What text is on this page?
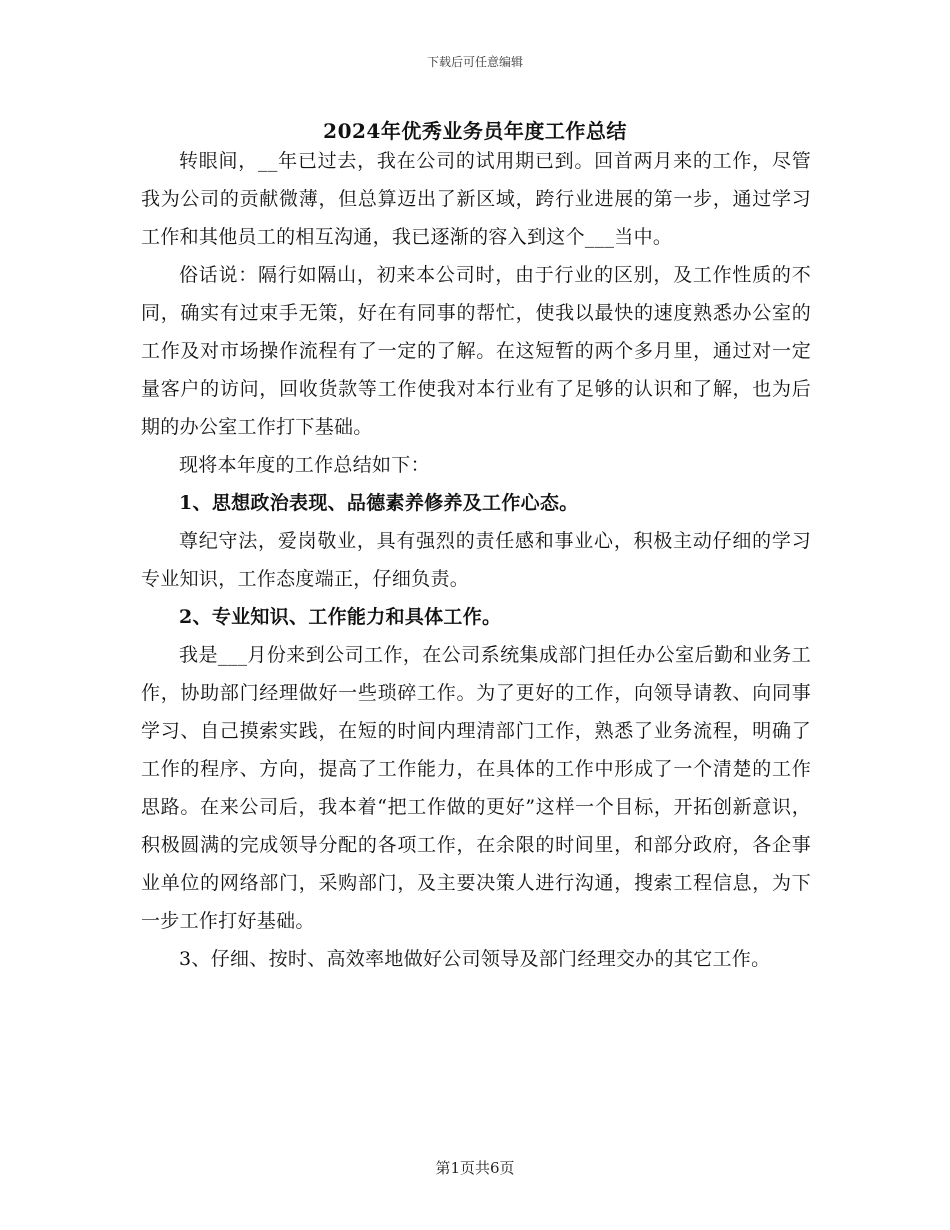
下载后可任意编辑
2024年优秀业务员年度工作总结

转眼间，__年已过去，我在公司的试用期已到。回首两月来的工作，尽管我为公司的贡献微薄，但总算迈出了新区域，跨行业进展的第一步，通过学习工作和其他员工的相互沟通，我已逐渐的容入到这个___当中。

俗话说：隔行如隔山，初来本公司时，由于行业的区别，及工作性质的不同，确实有过束手无策，好在有同事的帮忙，使我以最快的速度熟悉办公室的工作及对市场操作流程有了一定的了解。在这短暂的两个多月里，通过对一定量客户的访问，回收货款等工作使我对本行业有了足够的认识和了解，也为后期的办公室工作打下基础。

现将本年度的工作总结如下：

1、思想政治表现、品德素养修养及工作心态。

尊纪守法，爱岗敬业，具有强烈的责任感和事业心，积极主动仔细的学习专业知识，工作态度端正，仔细负责。

2、专业知识、工作能力和具体工作。

我是___月份来到公司工作，在公司系统集成部门担任办公室后勤和业务工作，协助部门经理做好一些琐碎工作。为了更好的工作，向领导请教、向同事学习、自己摸索实践，在短的时间内理清部门工作，熟悉了业务流程，明确了工作的程序、方向，提高了工作能力，在具体的工作中形成了一个清楚的工作思路。在来公司后，我本着“把工作做的更好”这样一个目标，开拓创新意识，积极圆满的完成领导分配的各项工作，在余限的时间里，和部分政府，各企事业单位的网络部门，采购部门，及主要决策人进行沟通，搜索工程信息，为下一步工作打好基础。

3、仔细、按时、高效率地做好公司领导及部门经理交办的其它工作。

第1页共6页
